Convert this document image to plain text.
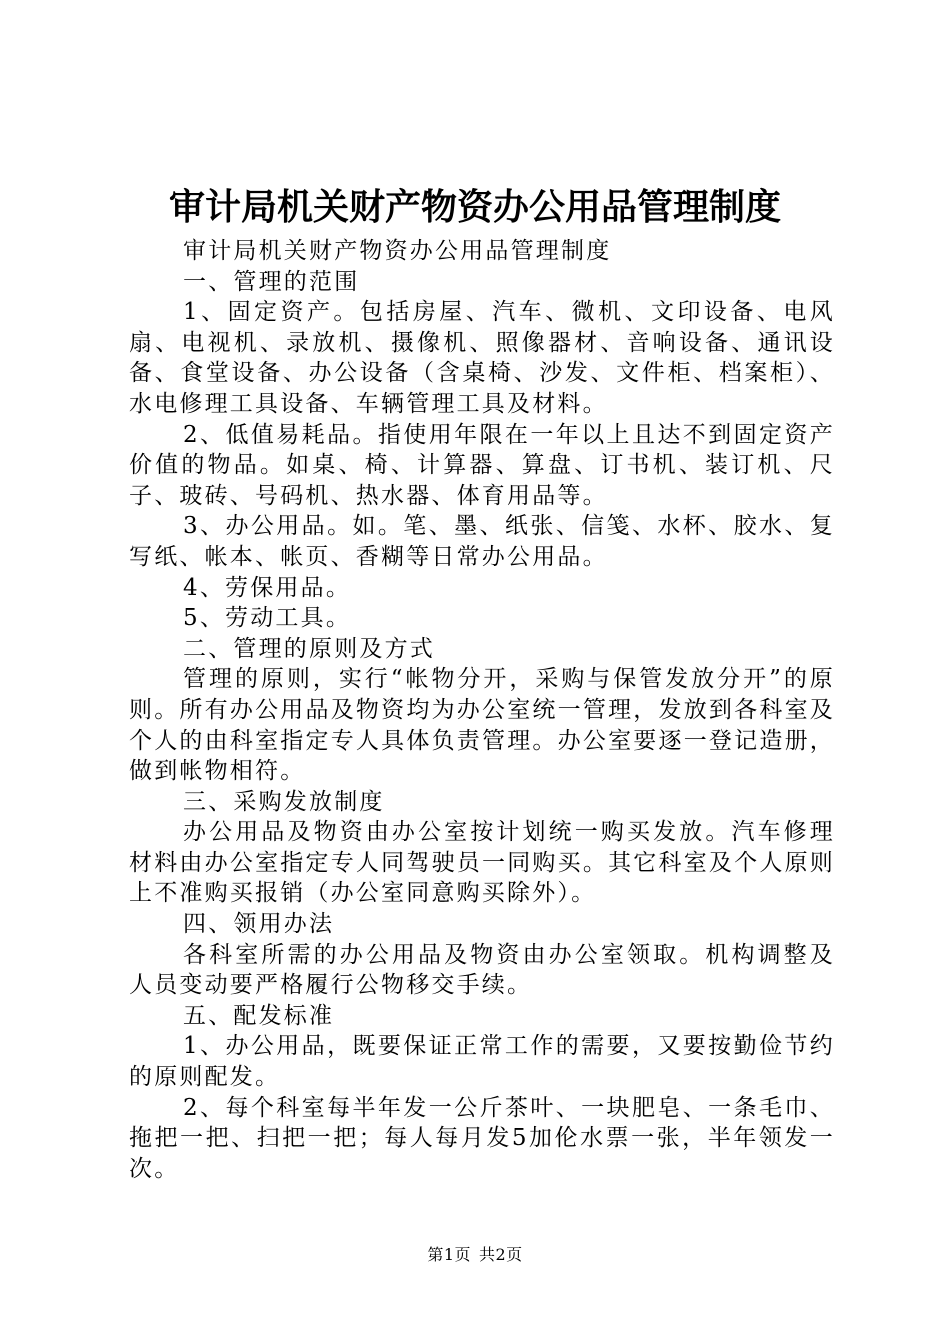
审计局机关财产物资办公用品管理制度

审计局机关财产物资办公用品管理制度

一、管理的范围

1、固定资产。包括房屋、汽车、微机、文印设备、电风扇、电视机、录放机、摄像机、照像器材、音响设备、通讯设备、食堂设备、办公设备（含桌椅、沙发、文件柜、档案柜）、水电修理工具设备、车辆管理工具及材料。

2、低值易耗品。指使用年限在一年以上且达不到固定资产价值的物品。如桌、椅、计算器、算盘、订书机、装订机、尺子、玻砖、号码机、热水器、体育用品等。

3、办公用品。如。笔、墨、纸张、信笺、水杯、胶水、复写纸、帐本、帐页、香糊等日常办公用品。

4、劳保用品。

5、劳动工具。

二、管理的原则及方式

管理的原则，实行“帐物分开，采购与保管发放分开”的原则。所有办公用品及物资均为办公室统一管理，发放到各科室及个人的由科室指定专人具体负责管理。办公室要逐一登记造册，做到帐物相符。

三、采购发放制度

办公用品及物资由办公室按计划统一购买发放。汽车修理材料由办公室指定专人同驾驶员一同购买。其它科室及个人原则上不准购买报销（办公室同意购买除外）。

四、领用办法

各科室所需的办公用品及物资由办公室领取。机构调整及人员变动要严格履行公物移交手续。

五、配发标准

1、办公用品，既要保证正常工作的需要，又要按勤俭节约的原则配发。

2、每个科室每半年发一公斤茶叶、一块肥皂、一条毛巾、拖把一把、扫把一把；每人每月发5加伦水票一张，半年领发一次。

第1页 共2页
